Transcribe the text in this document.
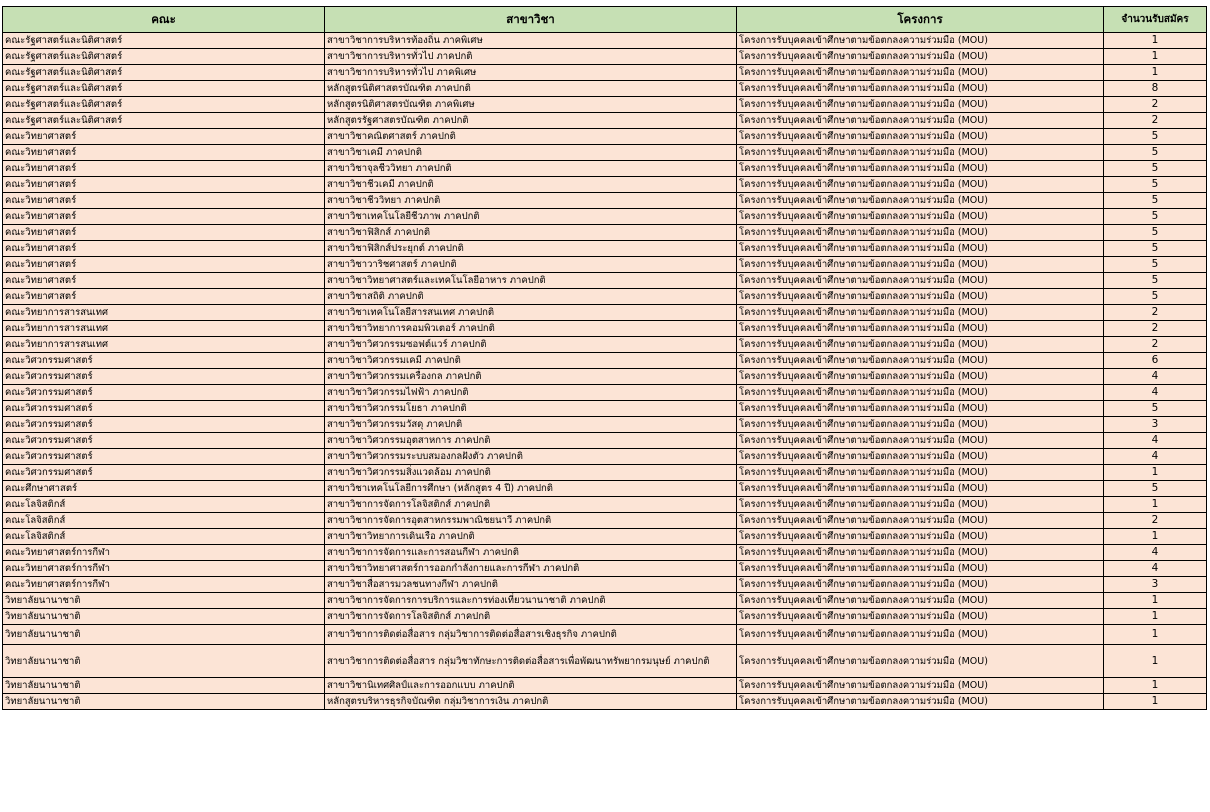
คณะ	สาขาวิชา	โครงการ	จำนวนรับสมัคร
คณะรัฐศาสตร์และนิติศาสตร์	สาขาวิชาการบริหารท้องถิ่น ภาคพิเศษ	โครงการรับบุคคลเข้าศึกษาตามข้อตกลงความร่วมมือ (MOU)	1
คณะรัฐศาสตร์และนิติศาสตร์	สาขาวิชาการบริหารทั่วไป ภาคปกติ	โครงการรับบุคคลเข้าศึกษาตามข้อตกลงความร่วมมือ (MOU)	1
คณะรัฐศาสตร์และนิติศาสตร์	สาขาวิชาการบริหารทั่วไป ภาคพิเศษ	โครงการรับบุคคลเข้าศึกษาตามข้อตกลงความร่วมมือ (MOU)	1
คณะรัฐศาสตร์และนิติศาสตร์	หลักสูตรนิติศาสตรบัณฑิต ภาคปกติ	โครงการรับบุคคลเข้าศึกษาตามข้อตกลงความร่วมมือ (MOU)	8
คณะรัฐศาสตร์และนิติศาสตร์	หลักสูตรนิติศาสตรบัณฑิต ภาคพิเศษ	โครงการรับบุคคลเข้าศึกษาตามข้อตกลงความร่วมมือ (MOU)	2
คณะรัฐศาสตร์และนิติศาสตร์	หลักสูตรรัฐศาสตรบัณฑิต ภาคปกติ	โครงการรับบุคคลเข้าศึกษาตามข้อตกลงความร่วมมือ (MOU)	2
คณะวิทยาศาสตร์	สาขาวิชาคณิตศาสตร์ ภาคปกติ	โครงการรับบุคคลเข้าศึกษาตามข้อตกลงความร่วมมือ (MOU)	5
คณะวิทยาศาสตร์	สาขาวิชาเคมี ภาคปกติ	โครงการรับบุคคลเข้าศึกษาตามข้อตกลงความร่วมมือ (MOU)	5
คณะวิทยาศาสตร์	สาขาวิชาจุลชีววิทยา ภาคปกติ	โครงการรับบุคคลเข้าศึกษาตามข้อตกลงความร่วมมือ (MOU)	5
คณะวิทยาศาสตร์	สาขาวิชาชีวเคมี ภาคปกติ	โครงการรับบุคคลเข้าศึกษาตามข้อตกลงความร่วมมือ (MOU)	5
คณะวิทยาศาสตร์	สาขาวิชาชีววิทยา ภาคปกติ	โครงการรับบุคคลเข้าศึกษาตามข้อตกลงความร่วมมือ (MOU)	5
คณะวิทยาศาสตร์	สาขาวิชาเทคโนโลยีชีวภาพ ภาคปกติ	โครงการรับบุคคลเข้าศึกษาตามข้อตกลงความร่วมมือ (MOU)	5
คณะวิทยาศาสตร์	สาขาวิชาฟิสิกส์ ภาคปกติ	โครงการรับบุคคลเข้าศึกษาตามข้อตกลงความร่วมมือ (MOU)	5
คณะวิทยาศาสตร์	สาขาวิชาฟิสิกส์ประยุกต์ ภาคปกติ	โครงการรับบุคคลเข้าศึกษาตามข้อตกลงความร่วมมือ (MOU)	5
คณะวิทยาศาสตร์	สาขาวิชาวาริชศาสตร์ ภาคปกติ	โครงการรับบุคคลเข้าศึกษาตามข้อตกลงความร่วมมือ (MOU)	5
คณะวิทยาศาสตร์	สาขาวิชาวิทยาศาสตร์และเทคโนโลยีอาหาร ภาคปกติ	โครงการรับบุคคลเข้าศึกษาตามข้อตกลงความร่วมมือ (MOU)	5
คณะวิทยาศาสตร์	สาขาวิชาสถิติ ภาคปกติ	โครงการรับบุคคลเข้าศึกษาตามข้อตกลงความร่วมมือ (MOU)	5
คณะวิทยาการสารสนเทศ	สาขาวิชาเทคโนโลยีสารสนเทศ ภาคปกติ	โครงการรับบุคคลเข้าศึกษาตามข้อตกลงความร่วมมือ (MOU)	2
คณะวิทยาการสารสนเทศ	สาขาวิชาวิทยาการคอมพิวเตอร์ ภาคปกติ	โครงการรับบุคคลเข้าศึกษาตามข้อตกลงความร่วมมือ (MOU)	2
คณะวิทยาการสารสนเทศ	สาขาวิชาวิศวกรรมซอฟต์แวร์ ภาคปกติ	โครงการรับบุคคลเข้าศึกษาตามข้อตกลงความร่วมมือ (MOU)	2
คณะวิศวกรรมศาสตร์	สาขาวิชาวิศวกรรมเคมี ภาคปกติ	โครงการรับบุคคลเข้าศึกษาตามข้อตกลงความร่วมมือ (MOU)	6
คณะวิศวกรรมศาสตร์	สาขาวิชาวิศวกรรมเครื่องกล ภาคปกติ	โครงการรับบุคคลเข้าศึกษาตามข้อตกลงความร่วมมือ (MOU)	4
คณะวิศวกรรมศาสตร์	สาขาวิชาวิศวกรรมไฟฟ้า ภาคปกติ	โครงการรับบุคคลเข้าศึกษาตามข้อตกลงความร่วมมือ (MOU)	4
คณะวิศวกรรมศาสตร์	สาขาวิชาวิศวกรรมโยธา ภาคปกติ	โครงการรับบุคคลเข้าศึกษาตามข้อตกลงความร่วมมือ (MOU)	5
คณะวิศวกรรมศาสตร์	สาขาวิชาวิศวกรรมวัสดุ ภาคปกติ	โครงการรับบุคคลเข้าศึกษาตามข้อตกลงความร่วมมือ (MOU)	3
คณะวิศวกรรมศาสตร์	สาขาวิชาวิศวกรรมอุตสาหการ ภาคปกติ	โครงการรับบุคคลเข้าศึกษาตามข้อตกลงความร่วมมือ (MOU)	4
คณะวิศวกรรมศาสตร์	สาขาวิชาวิศวกรรมระบบสมองกลฝังตัว ภาคปกติ	โครงการรับบุคคลเข้าศึกษาตามข้อตกลงความร่วมมือ (MOU)	4
คณะวิศวกรรมศาสตร์	สาขาวิชาวิศวกรรมสิ่งแวดล้อม ภาคปกติ	โครงการรับบุคคลเข้าศึกษาตามข้อตกลงความร่วมมือ (MOU)	1
คณะศึกษาศาสตร์	สาขาวิชาเทคโนโลยีการศึกษา (หลักสูตร 4 ปี) ภาคปกติ	โครงการรับบุคคลเข้าศึกษาตามข้อตกลงความร่วมมือ (MOU)	5
คณะโลจิสติกส์	สาขาวิชาการจัดการโลจิสติกส์ ภาคปกติ	โครงการรับบุคคลเข้าศึกษาตามข้อตกลงความร่วมมือ (MOU)	1
คณะโลจิสติกส์	สาขาวิชาการจัดการอุตสาหกรรมพาณิชยนาวี ภาคปกติ	โครงการรับบุคคลเข้าศึกษาตามข้อตกลงความร่วมมือ (MOU)	2
คณะโลจิสติกส์	สาขาวิชาวิทยาการเดินเรือ ภาคปกติ	โครงการรับบุคคลเข้าศึกษาตามข้อตกลงความร่วมมือ (MOU)	1
คณะวิทยาศาสตร์การกีฬา	สาขาวิชาการจัดการและการสอนกีฬา ภาคปกติ	โครงการรับบุคคลเข้าศึกษาตามข้อตกลงความร่วมมือ (MOU)	4
คณะวิทยาศาสตร์การกีฬา	สาขาวิชาวิทยาศาสตร์การออกกำลังกายและการกีฬา ภาคปกติ	โครงการรับบุคคลเข้าศึกษาตามข้อตกลงความร่วมมือ (MOU)	4
คณะวิทยาศาสตร์การกีฬา	สาขาวิชาสื่อสารมวลชนทางกีฬา ภาคปกติ	โครงการรับบุคคลเข้าศึกษาตามข้อตกลงความร่วมมือ (MOU)	3
วิทยาลัยนานาชาติ	สาขาวิชาการจัดการการบริการและการท่องเที่ยวนานาชาติ ภาคปกติ	โครงการรับบุคคลเข้าศึกษาตามข้อตกลงความร่วมมือ (MOU)	1
วิทยาลัยนานาชาติ	สาขาวิชาการจัดการโลจิสติกส์ ภาคปกติ	โครงการรับบุคคลเข้าศึกษาตามข้อตกลงความร่วมมือ (MOU)	1
วิทยาลัยนานาชาติ	สาขาวิชาการติดต่อสื่อสาร กลุ่มวิชาการติดต่อสื่อสารเชิงธุรกิจ ภาคปกติ	โครงการรับบุคคลเข้าศึกษาตามข้อตกลงความร่วมมือ (MOU)	1
วิทยาลัยนานาชาติ	สาขาวิชาการติดต่อสื่อสาร กลุ่มวิชาทักษะการติดต่อสื่อสารเพื่อพัฒนาทรัพยากรมนุษย์ ภาคปกติ	โครงการรับบุคคลเข้าศึกษาตามข้อตกลงความร่วมมือ (MOU)	1
วิทยาลัยนานาชาติ	สาขาวิชานิเทศศิลป์และการออกแบบ ภาคปกติ	โครงการรับบุคคลเข้าศึกษาตามข้อตกลงความร่วมมือ (MOU)	1
วิทยาลัยนานาชาติ	หลักสูตรบริหารธุรกิจบัณฑิต กลุ่มวิชาการเงิน ภาคปกติ	โครงการรับบุคคลเข้าศึกษาตามข้อตกลงความร่วมมือ (MOU)	1
